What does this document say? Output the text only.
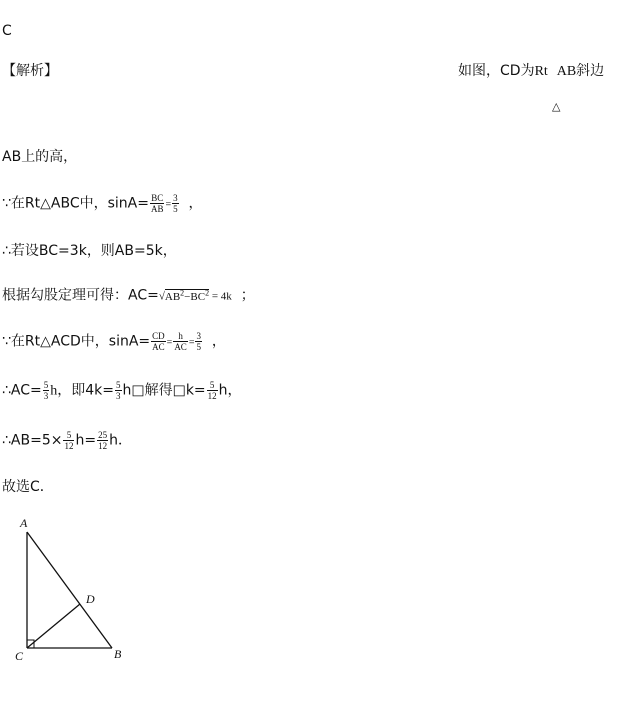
C
【解析】	如图，CD为Rt AB斜边
△
AB上的高，
∵在Rt△ABC中，$\sin A= \frac{BC}{AB} = \frac{3}{5}$ ，
∴若设BC=3k，则AB=5k，
根据勾股定理可得：$AC=√AB^2-BC^2 = 4k$ ；
∵在Rt△ACD中，$\sin A= \frac{CD}{AC} = \frac{h}{AC} = \frac{3}{5}$ ，
∴AC= $\frac{5}{3}$ h，即$4k= \frac{5}{3}$ h□解得□k= $\frac{5}{12}$ h，
∴AB=5× $\frac{5}{12} h= \frac{25}{12}$ h．
故选C．
A
D
C	B
